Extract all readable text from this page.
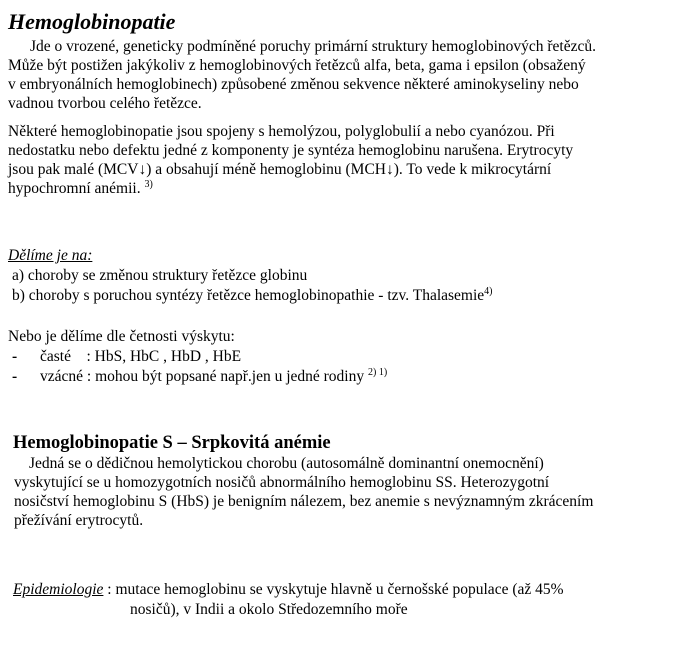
Hemoglobinopatie
Jde o vrozené, geneticky podmíněné poruchy primární struktury hemoglobinových řetězců.
Může být postižen jakýkoliv z hemoglobinových řetězců alfa, beta, gama i epsilon (obsažený
v embryonálních hemoglobinech) způsobené změnou sekvence některé aminokyseliny nebo
vadnou tvorbou celého řetězce.
Některé hemoglobinopatie jsou spojeny s hemolýzou, polyglobulií a nebo cyanózou. Při
nedostatku nebo defektu jedné z komponenty je syntéza hemoglobinu narušena. Erytrocyty
jsou pak malé (MCV↓) a obsahují méně hemoglobinu (MCH↓). To vede k mikrocytární
hypochromní anémii. $^{3)}$
Dělíme je na:
a) choroby se změnou struktury řetězce globinu
b) choroby s poruchou syntézy řetězce hemoglobinopathie - tzv. Thalasemie$^{4)}$
Nebo je dělíme dle četnosti výskytu:
- časté    : HbS, HbC , HbD , HbE
- vzácné : mohou být popsané např.jen u jedné rodiny $^{2) 1)}$
Hemoglobinopatie S – Srpkovitá anémie
Jedná se o dědičnou hemolytickou chorobu (autosomálně dominantní onemocnění)
vyskytující se u homozygotních nosičů abnormálního hemoglobinu SS. Heterozygotní
nosičství hemoglobinu S (HbS) je benigním nálezem, bez anemie s nevýznamným zkrácením
přežívání erytrocytů.
Epidemiologie : mutace hemoglobinu se vyskytuje hlavně u černošské populace (až 45%
nosičů), v Indii a okolo Středozemního moře
